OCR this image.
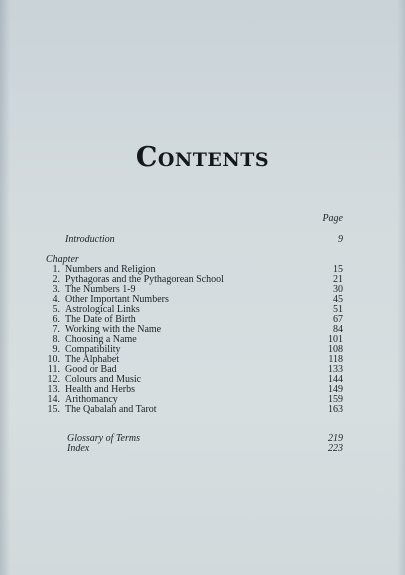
Contents
Page
Introduction	9
Chapter
1. Numbers and Religion	15
2. Pythagoras and the Pythagorean School	21
3. The Numbers 1-9	30
4. Other Important Numbers	45
5. Astrological Links	51
6. The Date of Birth	67
7. Working with the Name	84
8. Choosing a Name	101
9. Compatibility	108
10. The Alphabet	118
11. Good or Bad	133
12. Colours and Music	144
13. Health and Herbs	149
14. Arithomancy	159
15. The Qabalah and Tarot	163
Glossary of Terms	219
Index	223
